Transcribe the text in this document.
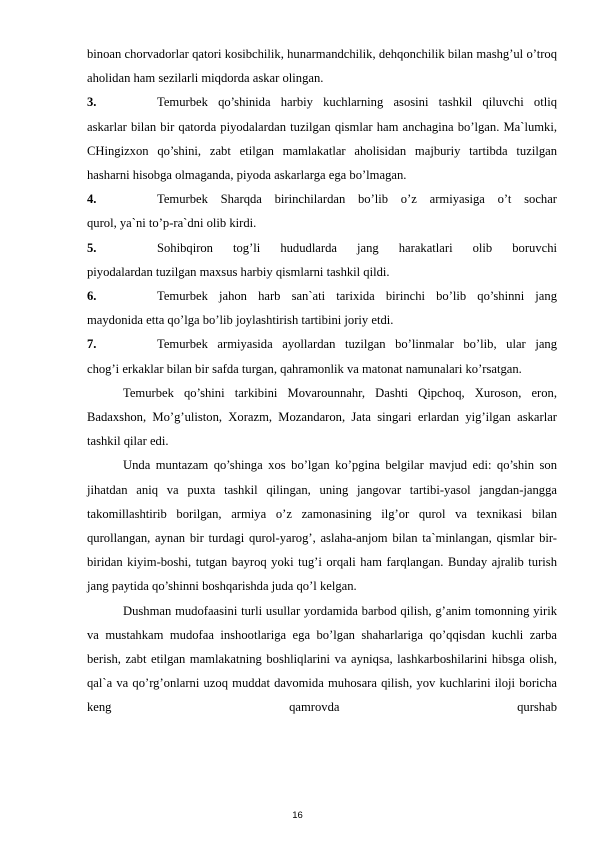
binoan chorvadorlar qatori kosibchilik, hunarmandchilik, dehqonchilik bilan mashg’ul o’troq aholidan ham sezilarli miqdorda askar olingan.

3.	Temurbek qo’shinida harbiy kuchlarning asosini tashkil qiluvchi otliq
askarlar bilan bir qatorda piyodalardan tuzilgan qismlar ham anchagina bo’lgan. Ma`lumki, CHingizxon qo’shini, zabt etilgan mamlakatlar aholisidan majburiy tartibda tuzilgan hasharni hisobga olmaganda, piyoda askarlarga ega bo’lmagan.
4.	Temurbek Sharqda birinchilardan bo’lib o’z armiyasiga o’t sochar
qurol, ya`ni to’p-ra`dni olib kirdi.
5.	Sohibqiron tog’li hududlarda jang harakatlari olib boruvchi
piyodalardan tuzilgan maxsus harbiy qismlarni tashkil qildi.
6.	Temurbek jahon harb san`ati tarixida birinchi bo’lib qo’shinni jang
maydonida etta qo’lga bo’lib joylashtirish tartibini joriy etdi.
7.	Temurbek armiyasida ayollardan tuzilgan bo’linmalar bo’lib, ular jang
chog’i erkaklar bilan bir safda turgan, qahramonlik va matonat namunalari ko’rsatgan.

Temurbek qo’shini tarkibini Movarounnahr, Dashti Qipchoq, Xuroson, eron, Badaxshon, Mo’g’uliston, Xorazm, Mozandaron, Jata singari erlardan yig’ilgan askarlar tashkil qilar edi.

Unda muntazam qo’shinga xos bo’lgan ko’pgina belgilar mavjud edi: qo’shin son jihatdan aniq va puxta tashkil qilingan, uning jangovar tartibi-yasol jangdan-jangga takomillashtirib borilgan, armiya o’z zamonasining ilg’or qurol va texnikasi bilan qurollangan, aynan bir turdagi qurol-yarog’, aslaha-anjom bilan ta`minlangan, qismlar bir-biridan kiyim-boshi, tutgan bayroq yoki tug’i orqali ham farqlangan. Bunday ajralib turish jang paytida qo’shinni boshqarishda juda qo’l kelgan.

Dushman mudofaasini turli usullar yordamida barbod qilish, g’anim tomonning yirik va mustahkam mudofaa inshootlariga ega bo’lgan shaharlariga qo’qqisdan kuchli zarba berish, zabt etilgan mamlakatning boshliqlarini va ayniqsa, lashkarboshilarini hibsga olish, qal`a va qo’rg’onlarni uzoq muddat davomida muhosara qilish, yov kuchlarini iloji boricha keng qamrovda qurshab

16
